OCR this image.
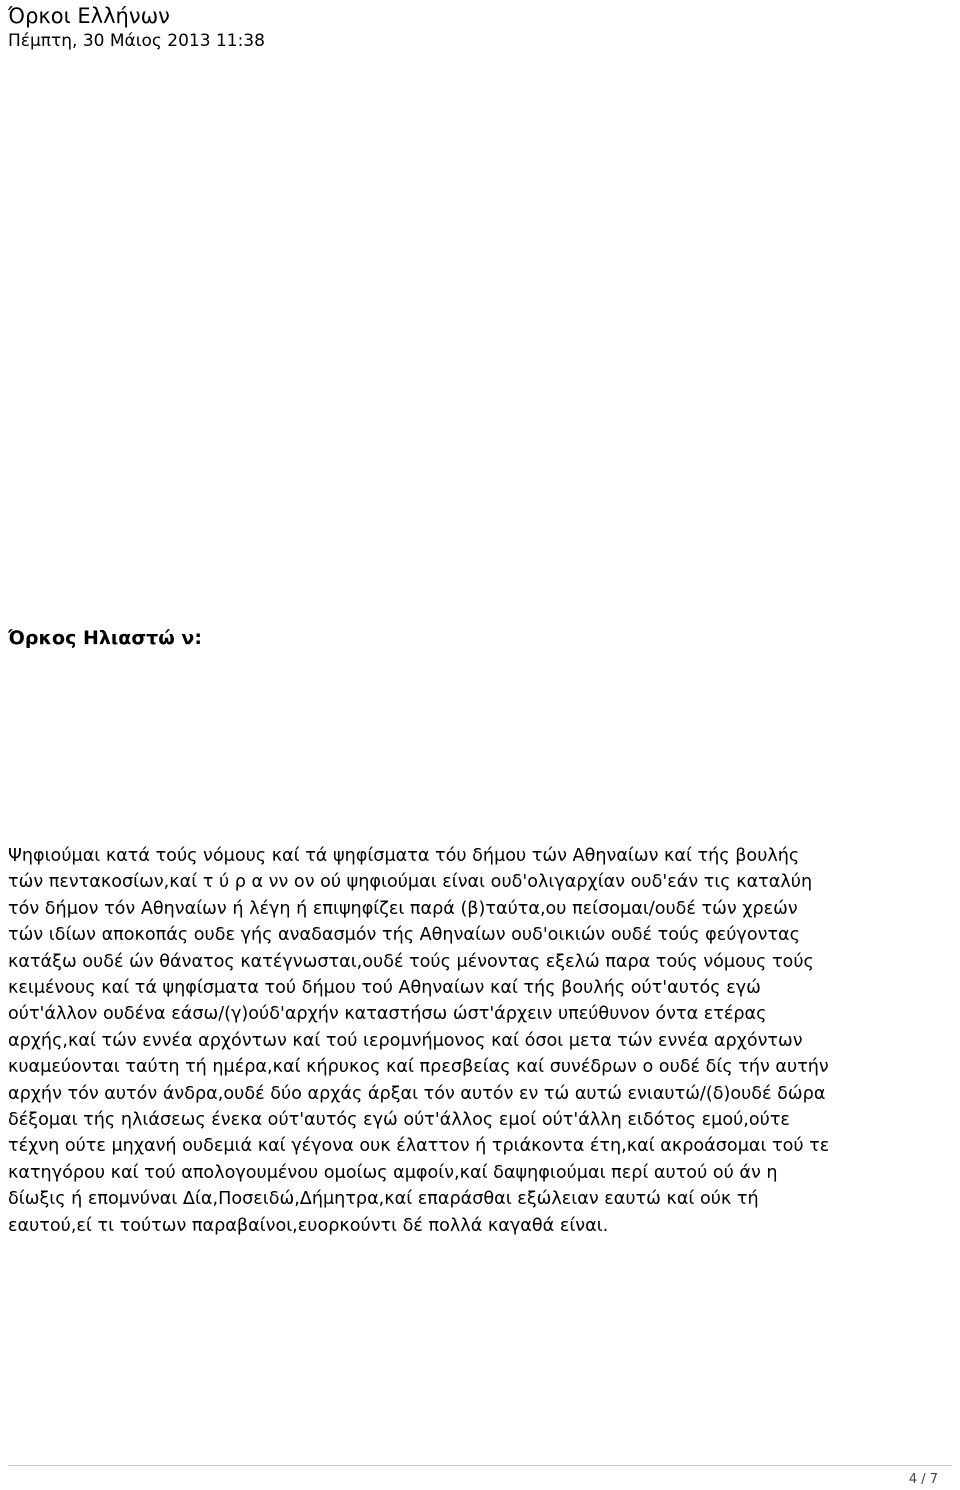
Όρκοι Ελλήνων
Πέμπτη, 30 Μάιος 2013 11:38
Όρκος Ηλιαστώ ν:

Ψηφιούμαι κατά τούς νόμους καί τά ψηφίσματα τόυ δήμου τών Αθηναίων καί τής βουλής
τών πεντακοσίων,καί τ ύ ρ α νν ον ού ψηφιούμαι είναι ουδ'ολιγαρχίαν ουδ'εάν τις καταλύη
τόν δήμον τόν Αθηναίων ή λέγη ή επιψηφίζει παρά (β)ταύτα,ου πείσομαι/ουδέ τών χρεών
τών ιδίων αποκοπάς ουδε γής αναδασμόν τής Αθηναίων ουδ'οικιών ουδέ τούς φεύγοντας
κατάξω ουδέ ών θάνατος κατέγνωσται,ουδέ τούς μένοντας εξελώ παρα τούς νόμους τούς
κειμένους καί τά ψηφίσματα τού δήμου τού Αθηναίων καί τής βουλής ούτ'αυτός εγώ
ούτ'άλλον ουδένα εάσω/(γ)ούδ'αρχήν καταστήσω ώστ'άρχειν υπεύθυνον όντα ετέρας
αρχής,καί τών εννέα αρχόντων καί τού ιερομνήμονος καί όσοι μετα τών εννέα αρχόντων
κυαμεύονται ταύτη τή ημέρα,καί κήρυκος καί πρεσβείας καί συνέδρων ο ουδέ δίς τήν αυτήν
αρχήν τόν αυτόν άνδρα,ουδέ δύο αρχάς άρξαι τόν αυτόν εν τώ αυτώ ενιαυτώ/(δ)ουδέ δώρα
δέξομαι τής ηλιάσεως ένεκα ούτ'αυτός εγώ ούτ'άλλος εμοί ούτ'άλλη ειδότος εμού,ούτε
τέχνη ούτε μηχανή ουδεμιά καί γέγονα ουκ έλαττον ή τριάκοντα έτη,καί ακροάσομαι τού τε
κατηγόρου καί τού απολογουμένου ομοίως αμφοίν,καί δαψηφιούμαι περί αυτού ού άν η
δίωξις ή επομνύναι Δία,Ποσειδώ,Δήμητρα,καί επαράσθαι εξώλειαν εαυτώ καί ούκ τή
εαυτού,εί τι τούτων παραβαίνοι,ευορκούντι δέ πολλά καγαθά είναι.

4 / 7
